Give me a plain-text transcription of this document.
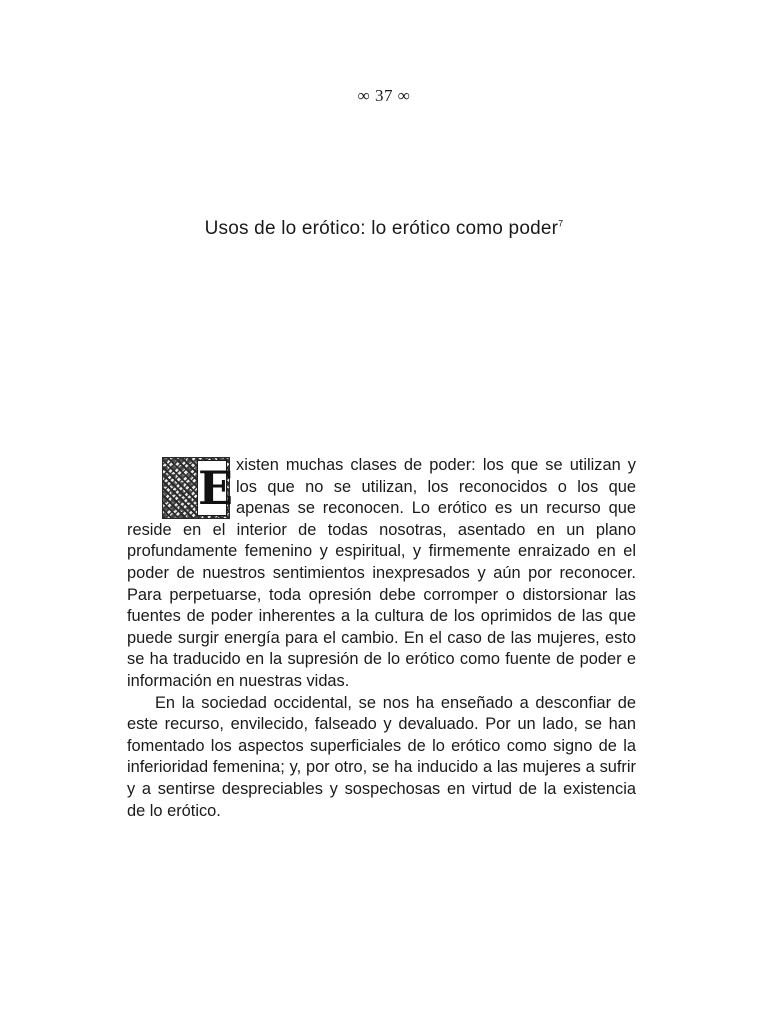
∞ 37 ∞
Usos de lo erótico: lo erótico como poder$^7$
E xisten muchas clases de poder: los que se utilizan y los que no se utilizan, los reconocidos o los que apenas se reconocen. Lo erótico es un recurso que reside en el interior de todas nosotras, asentado en un plano profundamente femenino y espiritual, y firmemente enraizado en el poder de nuestros sentimientos inexpresados y aún por reconocer. Para perpetuarse, toda opresión debe corromper o distorsionar las fuentes de poder inherentes a la cultura de los oprimidos de las que puede surgir energía para el cambio. En el caso de las mujeres, esto se ha traducido en la supresión de lo erótico como fuente de poder e información en nuestras vidas.

En la sociedad occidental, se nos ha enseñado a desconfiar de este recurso, envilecido, falseado y devaluado. Por un lado, se han fomentado los aspectos superficiales de lo erótico como signo de la inferioridad femenina; y, por otro, se ha inducido a las mujeres a sufrir y a sentirse despreciables y sospechosas en virtud de la existencia de lo erótico.
